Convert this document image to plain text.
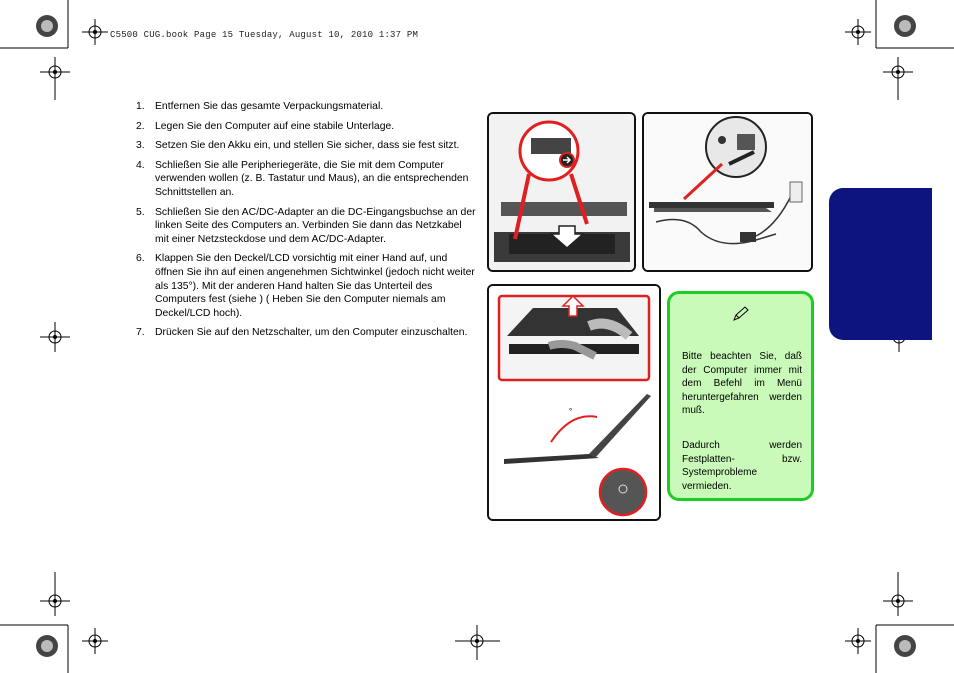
C5500 CUG.book Page 15 Tuesday, August 10, 2010 1:37 PM
1. Entfernen Sie das gesamte Verpackungsmaterial.
2. Legen Sie den Computer auf eine stabile Unterlage.
3. Setzen Sie den Akku ein, und stellen Sie sicher, dass sie fest sitzt.
4. Schließen Sie alle Peripheriegeräte, die Sie mit dem Computer verwenden wollen (z. B. Tastatur und Maus), an die entsprechenden Schnittstellen an.
5. Schließen Sie den AC/DC-Adapter an die DC-Eingangsbuchse an der linken Seite des Computers an. Verbinden Sie dann das Netzkabel mit einer Netzsteckdose und dem AC/DC-Adapter.
6. Klappen Sie den Deckel/LCD vorsichtig mit einer Hand auf, und öffnen Sie ihn auf einen angenehmen Sichtwinkel (jedoch nicht weiter als 135°). Mit der anderen Hand halten Sie das Unterteil des Computers fest (siehe ) ( Heben Sie den Computer niemals am Deckel/LCD hoch).
7. Drücken Sie auf den Netzschalter, um den Computer einzuschalten.
°
Bitte beachten Sie, daß der Computer immer mit dem Befehl im Menü heruntergefahren werden muß.
Dadurch werden Festplatten- bzw. Systemprobleme vermieden.
